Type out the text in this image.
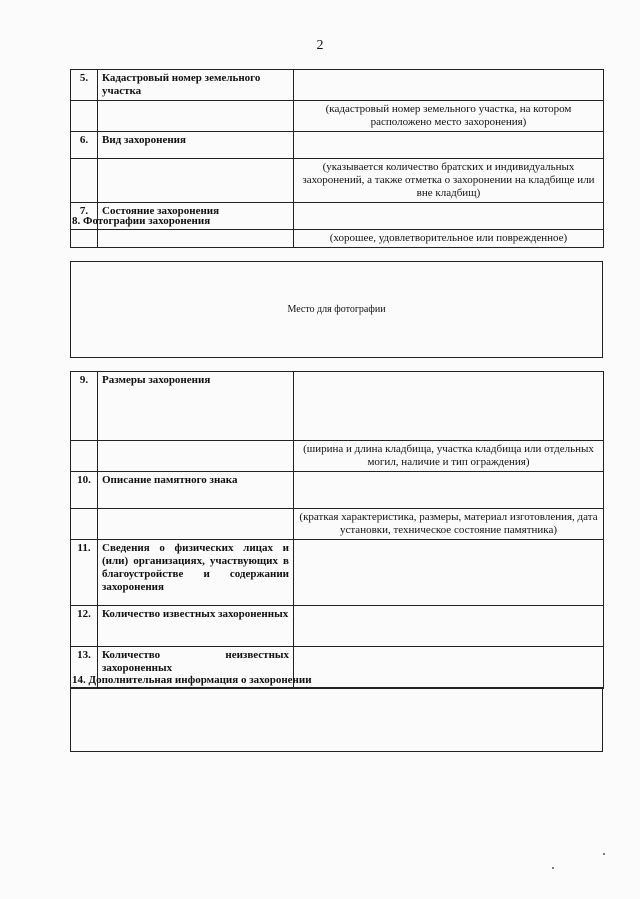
2
5.	Кадастровый номер земельного участка	
		(кадастровый номер земельного участка, на котором расположено место захоронения)
6.	Вид захоронения	
		(указывается количество братских и индивидуальных захоронений, а также отметка о захоронении на кладбище или вне кладбищ)
7.	Состояние захоронения	
		(хорошее, удовлетворительное или поврежденное)
8. Фотографии захоронения
Место для фотографии
9.	Размеры захоронения	
		(ширина и длина кладбища, участка кладбища или отдельных могил, наличие и тип ограждения)
10.	Описание памятного знака	
		(краткая характеристика, размеры, материал изготовления, дата установки, техническое состояние памятника)
11.	Сведения о физических лицах и (или) организациях, участвующих в благоустройстве и содержании захоронения	
12.	Количество известных захороненных	
13.	Количество неизвестных захороненных	
14. Дополнительная информация о захоронении
